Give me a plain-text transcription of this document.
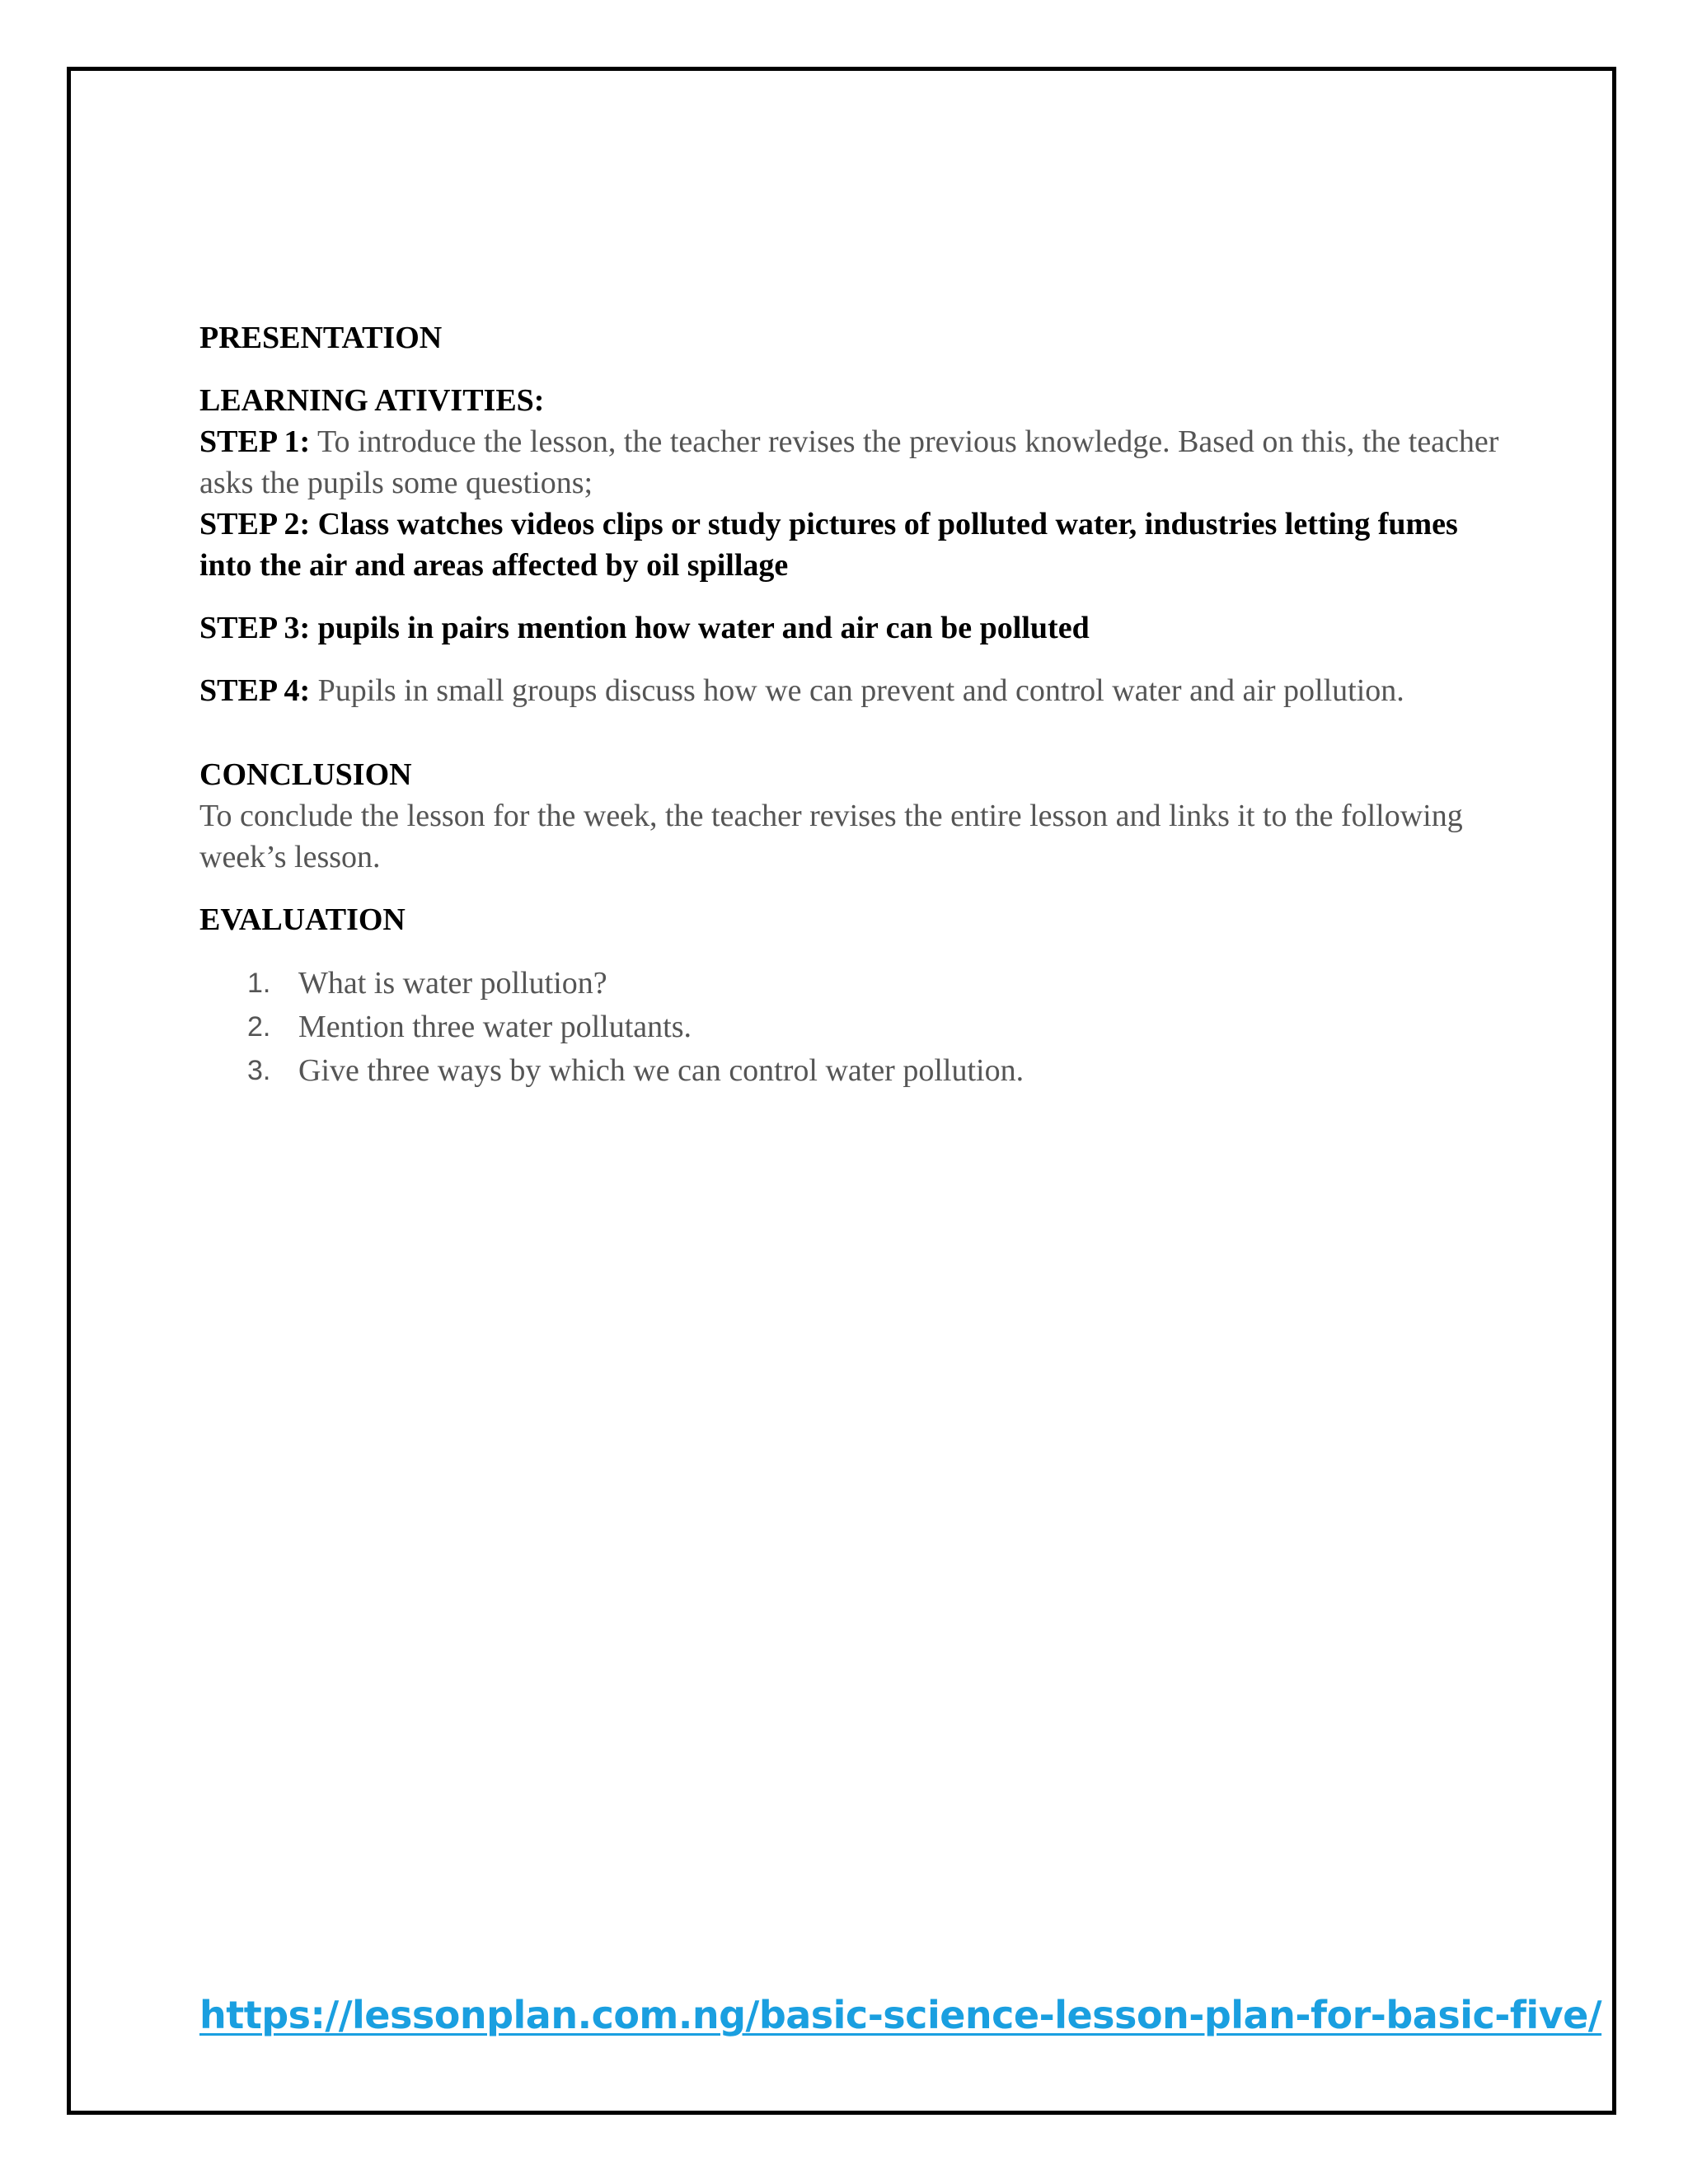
PRESENTATION

LEARNING ATIVITIES:

STEP 1: To introduce the lesson, the teacher revises the previous knowledge. Based on this, the teacher asks the pupils some questions;

STEP 2: Class watches videos clips or study pictures of polluted water, industries letting fumes into the air and areas affected by oil spillage

STEP 3: pupils in pairs mention how water and air can be polluted

STEP 4: Pupils in small groups discuss how we can prevent and control water and air pollution.

CONCLUSION

To conclude the lesson for the week, the teacher revises the entire lesson and links it to the following week’s lesson.

EVALUATION

1. What is water pollution?
2. Mention three water pollutants.
3. Give three ways by which we can control water pollution.
https://lessonplan.com.ng/basic-science-lesson-plan-for-basic-five/
